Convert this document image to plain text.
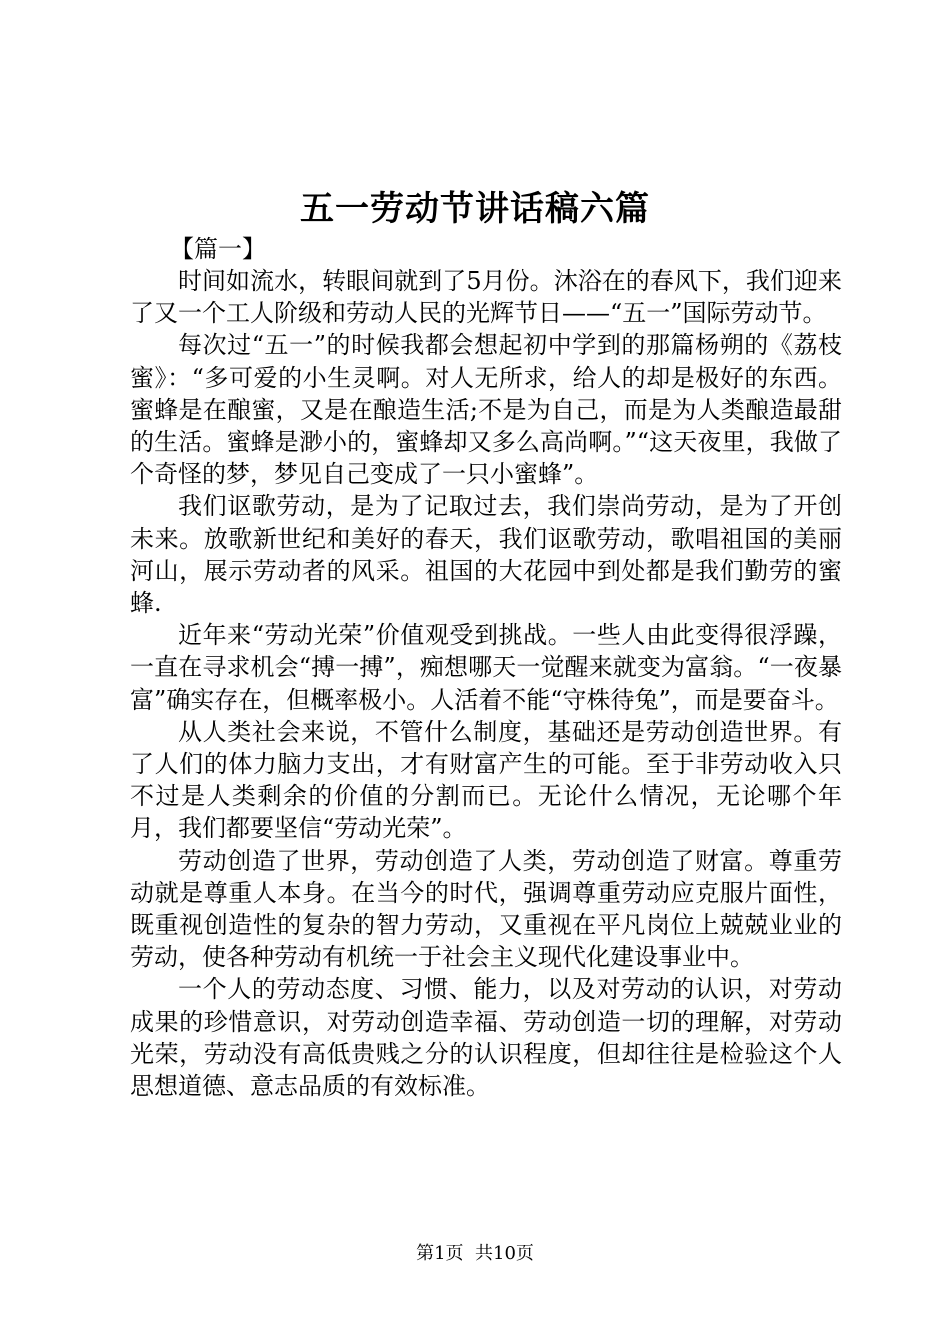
五一劳动节讲话稿六篇

【篇一】

时间如流水，转眼间就到了5月份。沐浴在的春风下，我们迎来了又一个工人阶级和劳动人民的光辉节日——“五一”国际劳动节。

每次过“五一”的时候我都会想起初中学到的那篇杨朔的《荔枝蜜》：“多可爱的小生灵啊。对人无所求，给人的却是极好的东西。蜜蜂是在酿蜜，又是在酿造生活;不是为自己，而是为人类酿造最甜的生活。蜜蜂是渺小的，蜜蜂却又多么高尚啊。”“这天夜里，我做了个奇怪的梦，梦见自己变成了一只小蜜蜂”。

我们讴歌劳动，是为了记取过去，我们崇尚劳动，是为了开创未来。放歌新世纪和美好的春天，我们讴歌劳动，歌唱祖国的美丽河山，展示劳动者的风采。祖国的大花园中到处都是我们勤劳的蜜蜂.

近年来“劳动光荣”价值观受到挑战。一些人由此变得很浮躁，一直在寻求机会“搏一搏”，痴想哪天一觉醒来就变为富翁。“一夜暴富”确实存在，但概率极小。人活着不能“守株待兔”，而是要奋斗。

从人类社会来说，不管什么制度，基础还是劳动创造世界。有了人们的体力脑力支出，才有财富产生的可能。至于非劳动收入只不过是人类剩余的价值的分割而已。无论什么情况，无论哪个年月，我们都要坚信“劳动光荣”。

劳动创造了世界，劳动创造了人类，劳动创造了财富。尊重劳动就是尊重人本身。在当今的时代，强调尊重劳动应克服片面性，既重视创造性的复杂的智力劳动，又重视在平凡岗位上兢兢业业的劳动，使各种劳动有机统一于社会主义现代化建设事业中。

一个人的劳动态度、习惯、能力，以及对劳动的认识，对劳动成果的珍惜意识，对劳动创造幸福、劳动创造一切的理解，对劳动光荣，劳动没有高低贵贱之分的认识程度，但却往往是检验这个人思想道德、意志品质的有效标准。

第1页  共10页
